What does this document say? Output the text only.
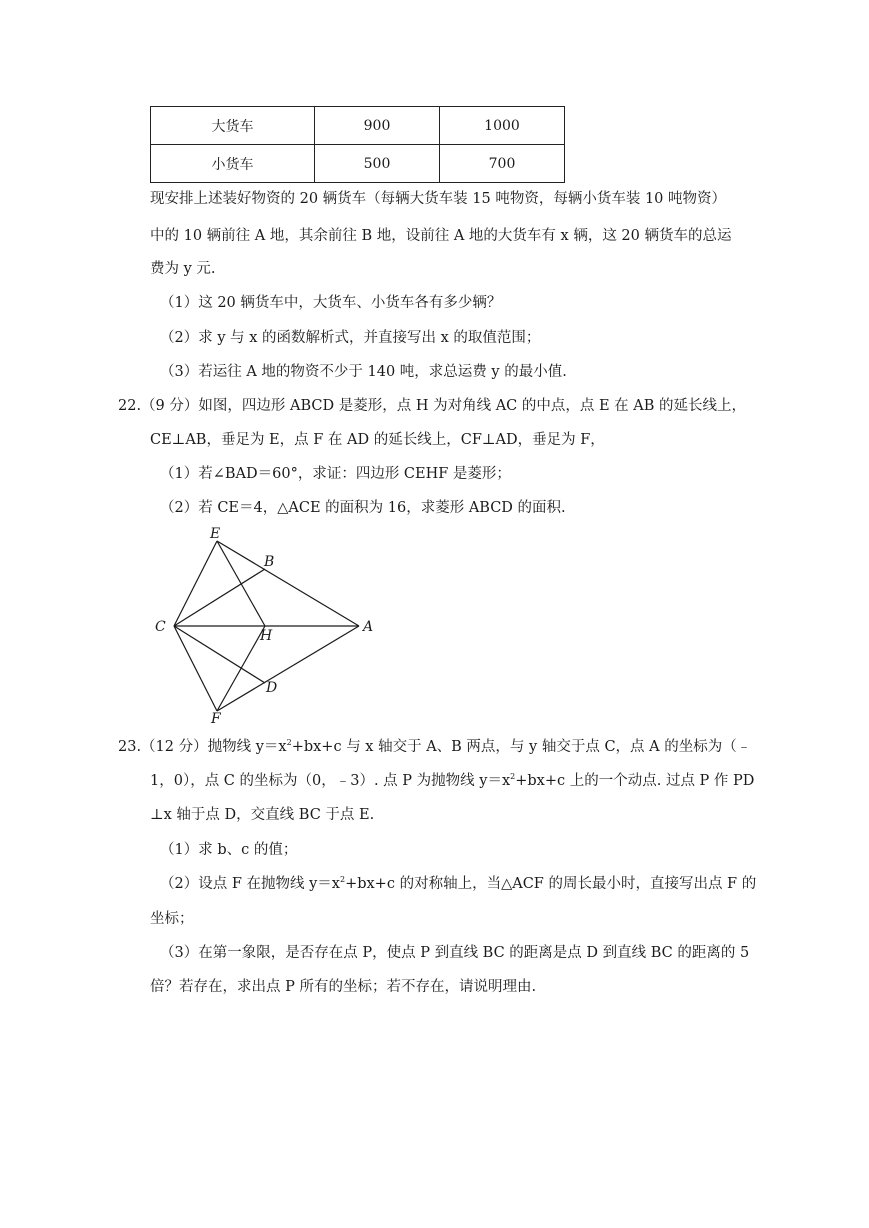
大货车	900	1000
小货车	500	700
现安排上述装好物资的 20 辆货车（每辆大货车装 15 吨物资，每辆小货车装 10 吨物资）
中的 10 辆前往 A 地，其余前往 B 地，设前往 A 地的大货车有 x 辆，这 20 辆货车的总运
费为 y 元.
（1）这 20 辆货车中，大货车、小货车各有多少辆？
（2）求 y 与 x 的函数解析式，并直接写出 x 的取值范围；
（3）若运往 A 地的物资不少于 140 吨，求总运费 y 的最小值.
22.（9 分）如图，四边形 ABCD 是菱形，点 H 为对角线 AC 的中点，点 E 在 AB 的延长线上，
CE⊥AB，垂足为 E，点 F 在 AD 的延长线上，CF⊥AD，垂足为 F，
（1）若∠BAD＝60°，求证：四边形 CEHF 是菱形；
（2）若 CE＝4，△ACE 的面积为 16，求菱形 ABCD 的面积.
E
B
C
H
A
D
F
23.（12 分）抛物线 $y=x^2+bx+c$ 与 x 轴交于 A、B 两点，与 y 轴交于点 C，点 A 的坐标为（﹣
1，0），点 C 的坐标为（0，﹣3）. 点 P 为抛物线 $y=x^2+bx+c$ 上的一个动点. 过点 P 作 PD
⊥x 轴于点 D，交直线 BC 于点 E.
（1）求 b、c 的值；
（2）设点 F 在抛物线 $y=x^2+bx+c$ 的对称轴上，当△ACF 的周长最小时，直接写出点 F 的
坐标；
（3）在第一象限，是否存在点 P，使点 P 到直线 BC 的距离是点 D 到直线 BC 的距离的 5
倍？若存在，求出点 P 所有的坐标；若不存在，请说明理由.
